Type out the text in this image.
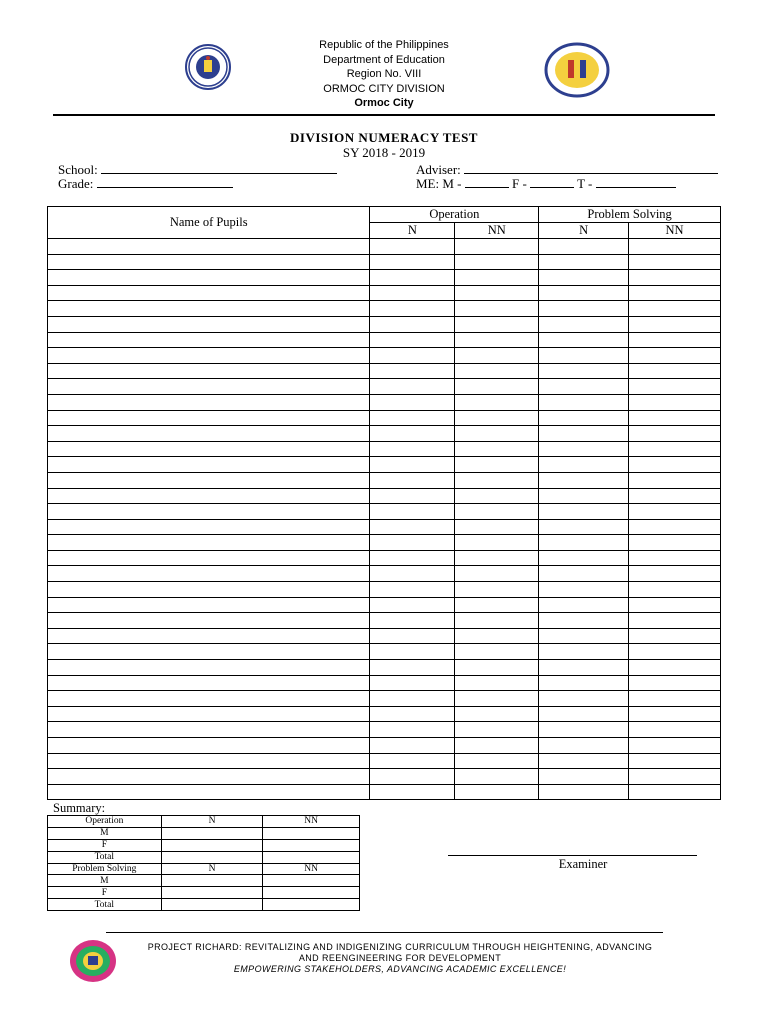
Republic of the Philippines
Department of Education
Region No. VIII
ORMOC CITY DIVISION
Ormoc City
DIVISION NUMERACY TEST
SY 2018 - 2019
School:	Adviser:
Grade:	ME: M -	F -	T -
Name of Pupils	Operation		Problem Solving	
	N	NN	N	NN

Summary:
Operation	N	NN
M		
F		
Total		
Problem Solving	N	NN
M		
F		
Total		
Examiner
PROJECT RICHARD: REVITALIZING AND INDIGENIZING CURRICULUM THROUGH HEIGHTENING, ADVANCING
AND REENGINEERING FOR DEVELOPMENT
EMPOWERING STAKEHOLDERS, ADVANCING ACADEMIC EXCELLENCE!
